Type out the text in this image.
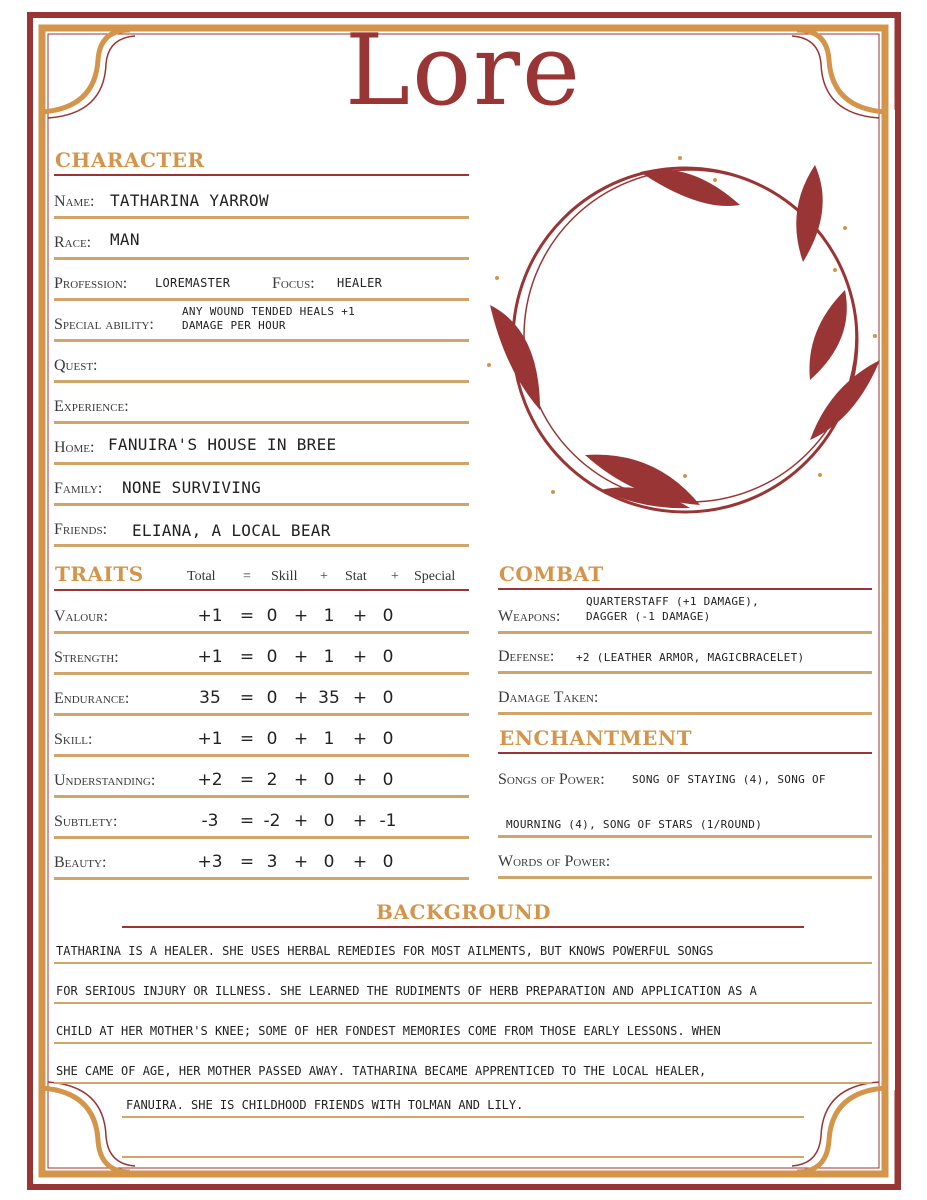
Lore
CHARACTER
Name: TATHARINA YARROW
Race: MAN
Profession: LOREMASTER	Focus: HEALER
Special ability:
ANY WOUND TENDED HEALS +1
DAMAGE PER HOUR
Quest:
Experience:
Home: FANUIRA'S HOUSE IN BREE
Family: NONE SURVIVING
Friends: ELIANA, A LOCAL BEAR
TRAITS	Total = Skill + Stat + Special
Valour:	+1	= 0 + 1	+ 0
Strength:	+1	= 0 + 1	+ 0
Endurance:	35	= 0 + 35 + 0
Skill:	+1	= 0 + 1	+ 0
Understanding: +2	= 2 + 0	+ 0
Subtlety:	-3	= -2 + 0	+ -1
Beauty:	+3	= 3 + 0	+ 0
COMBAT
Weapons:
QUARTERSTAFF (+1 DAMAGE),
DAGGER (-1 DAMAGE)
Defense: +2 (LEATHER ARMOR, MAGICBRACELET)
Damage Taken:
ENCHANTMENT
Songs of Power: SONG OF STAYING (4), SONG OF
MOURNING (4), SONG OF STARS (1/ROUND)
Words of Power:
BACKGROUND
TATHARINA IS A HEALER. SHE USES HERBAL REMEDIES FOR MOST AILMENTS, BUT KNOWS POWERFUL SONGS
FOR SERIOUS INJURY OR ILLNESS. SHE LEARNED THE RUDIMENTS OF HERB PREPARATION AND APPLICATION AS A
CHILD AT HER MOTHER'S KNEE; SOME OF HER FONDEST MEMORIES COME FROM THOSE EARLY LESSONS. WHEN
SHE CAME OF AGE, HER MOTHER PASSED AWAY. TATHARINA BECAME APPRENTICED TO THE LOCAL HEALER,
FANUIRA. SHE IS CHILDHOOD FRIENDS WITH TOLMAN AND LILY.
